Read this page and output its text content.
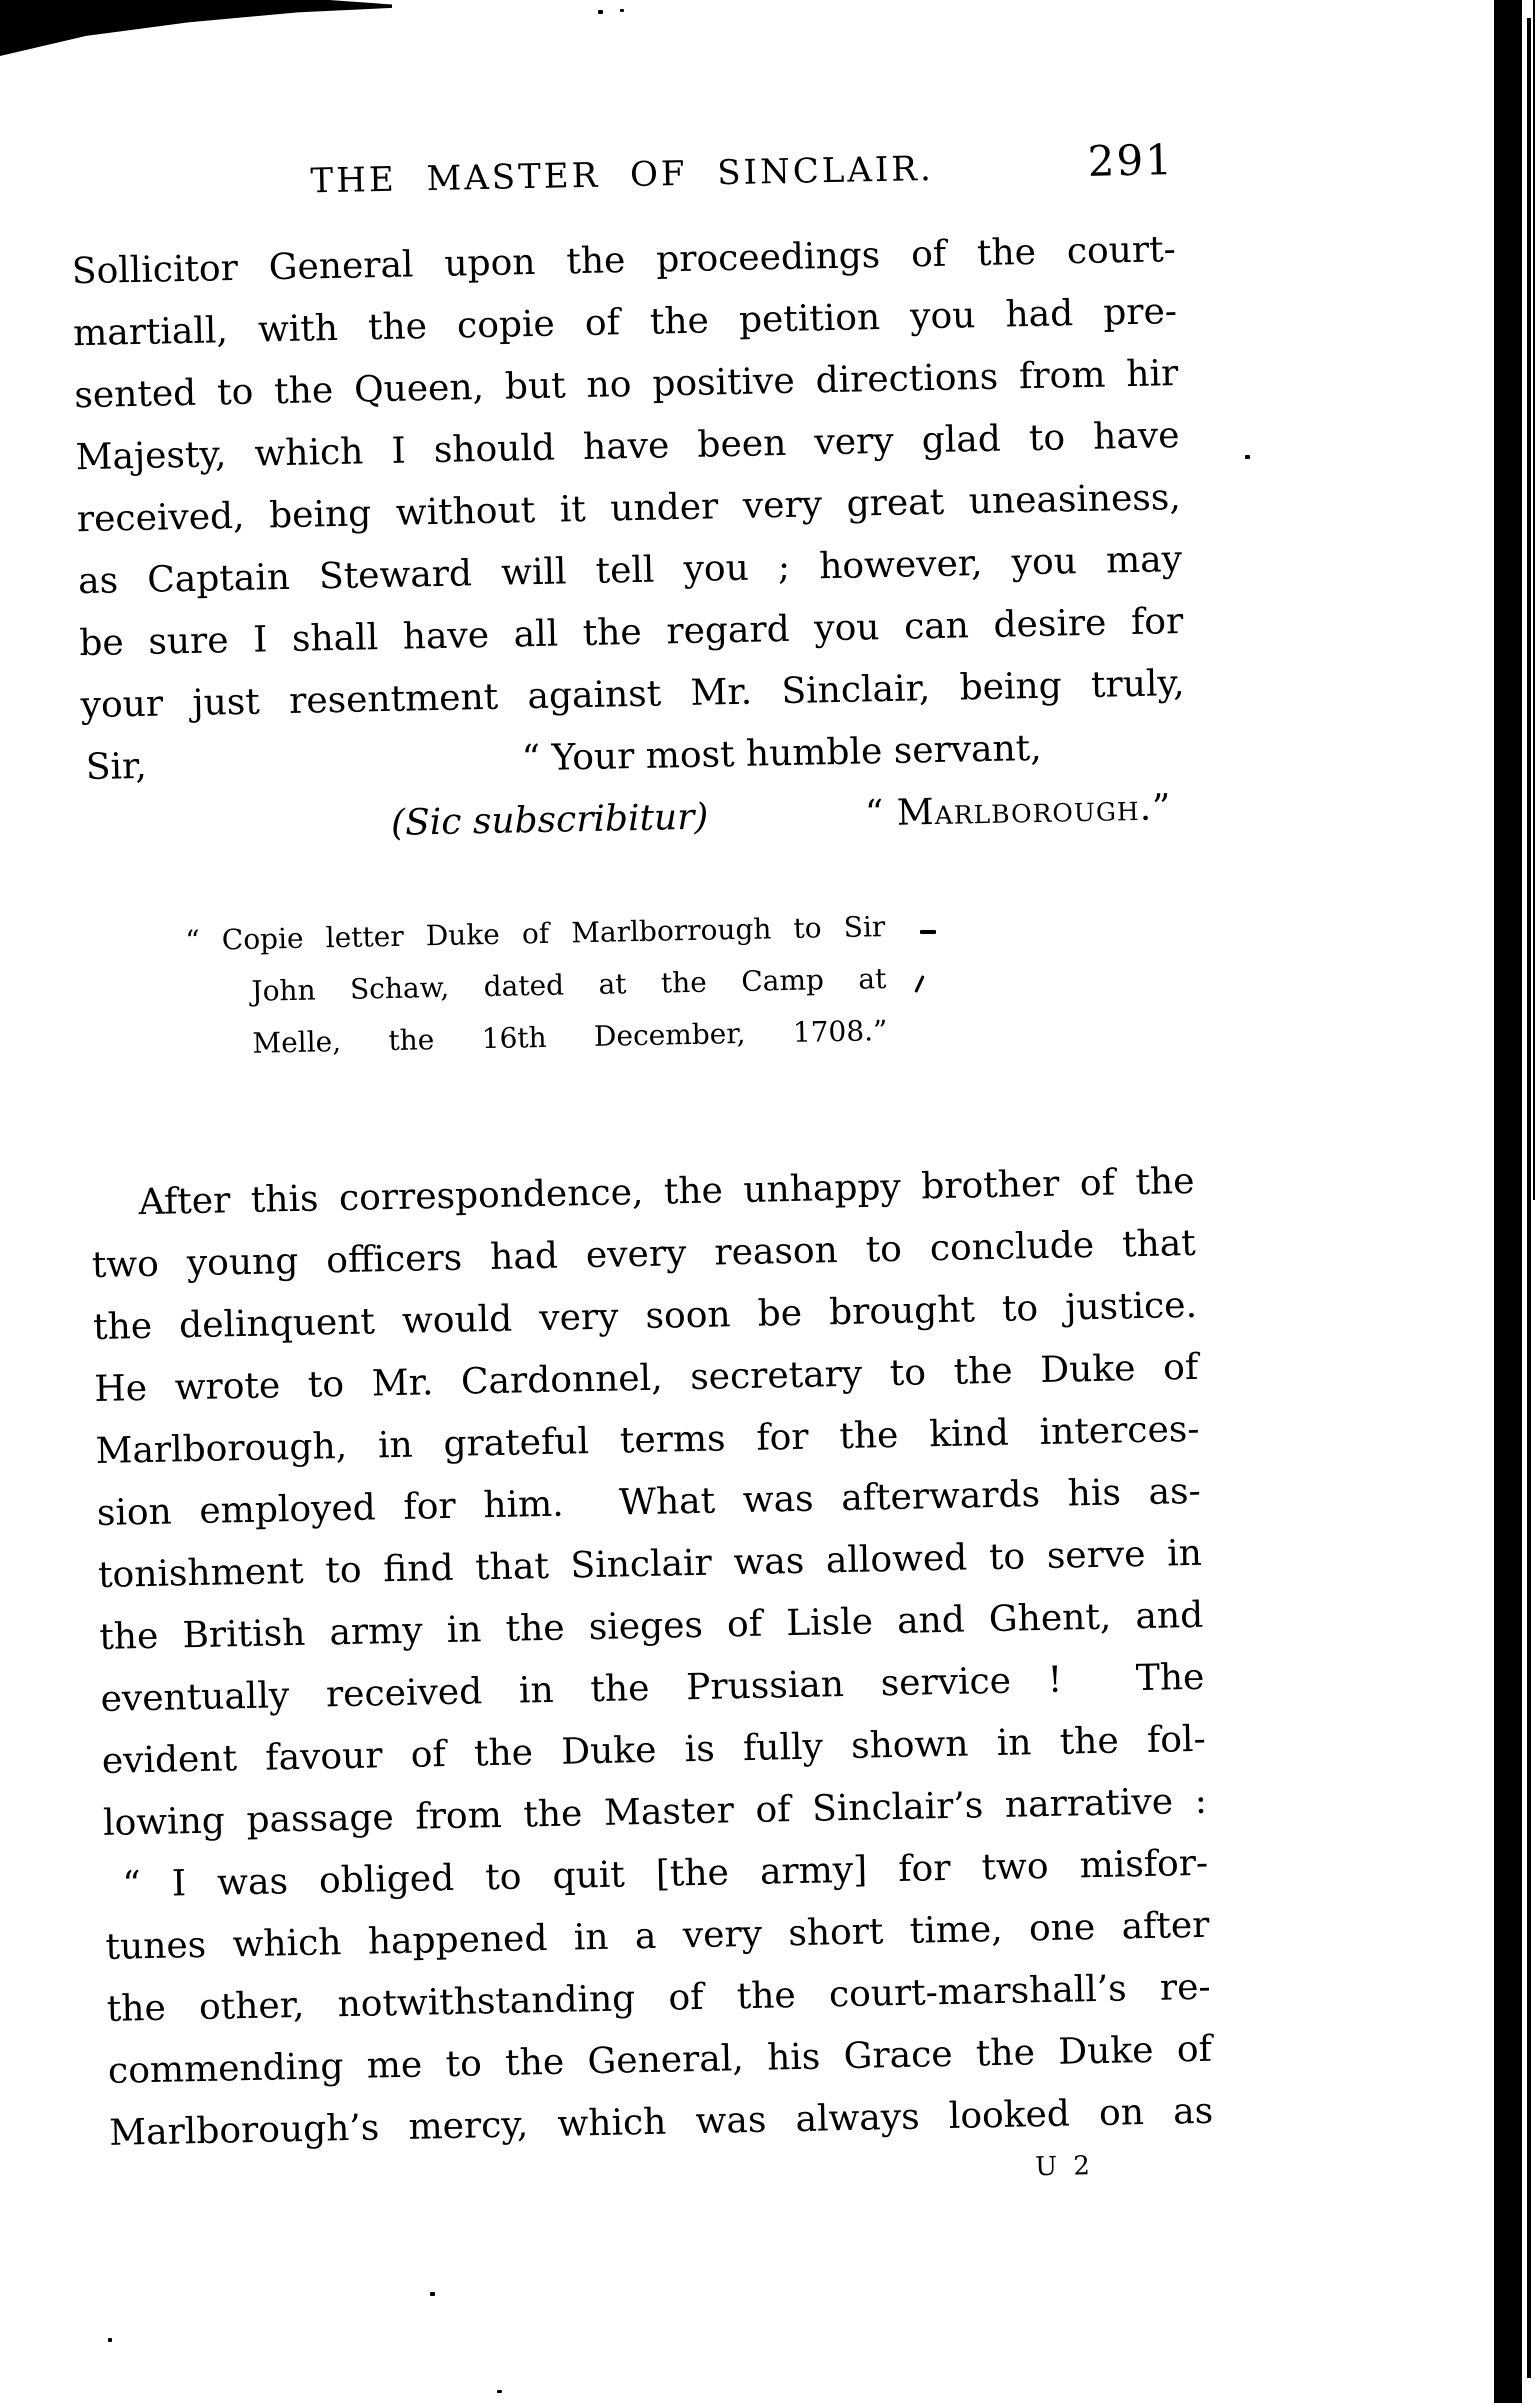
THE MASTER OF SINCLAIR.	291
Sollicitor General upon the proceedings of the court-
martiall, with the copie of the petition you had pre-
sented to the Queen, but no positive directions from hir
Majesty, which I should have been very glad to have
received, being without it under very great uneasiness,
as Captain Steward will tell you ; however, you may
be sure I shall have all the regard you can desire for
your just resentment against Mr. Sinclair, being truly,
Sir,	“ Your most humble servant,
(Sic subscribitur)	“ Marlborough.”
“ Copie letter Duke of Marlborrough to Sir
John Schaw, dated at the Camp at
Melle, the 16th December, 1708.”
After this correspondence, the unhappy brother of the
two young officers had every reason to conclude that
the delinquent would very soon be brought to justice.
He wrote to Mr. Cardonnel, secretary to the Duke of
Marlborough, in grateful terms for the kind interces-
sion employed for him.  What was afterwards his as-
tonishment to find that Sinclair was allowed to serve in
the British army in the sieges of Lisle and Ghent, and
eventually received in the Prussian service !  The
evident favour of the Duke is fully shown in the fol-
lowing passage from the Master of Sinclair’s narrative :
“ I was obliged to quit [the army] for two misfor-
tunes which happened in a very short time, one after
the other, notwithstanding of the court-marshall’s re-
commending me to the General, his Grace the Duke of
Marlborough’s mercy, which was always looked on as
U 2
